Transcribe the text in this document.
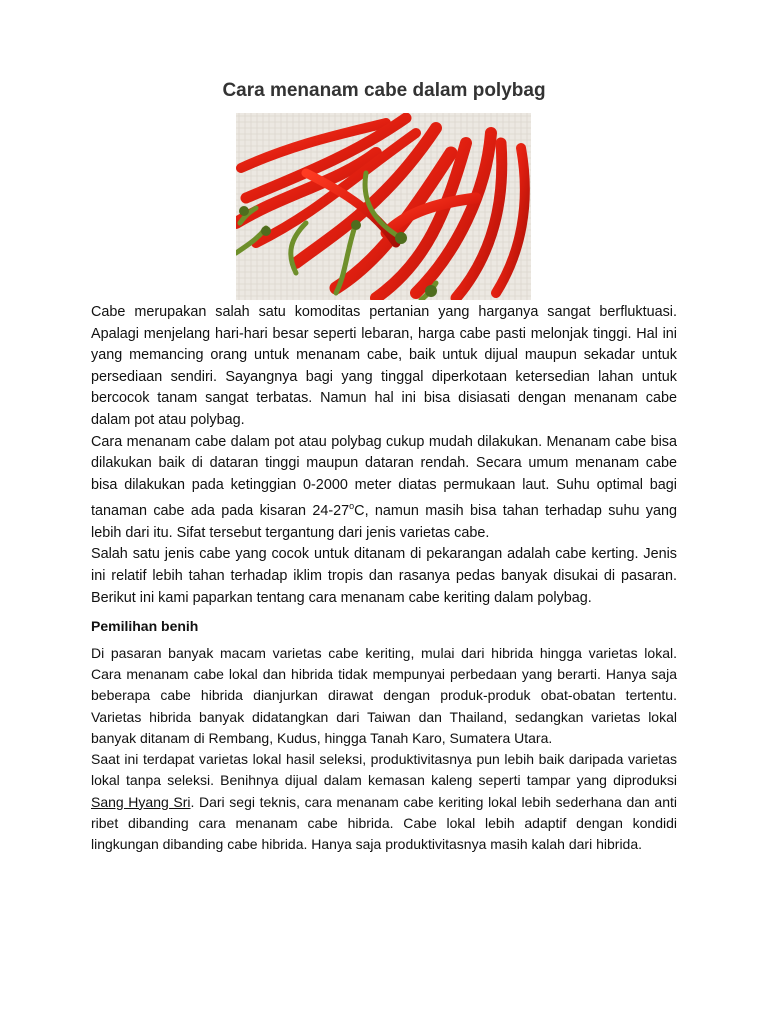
Cara menanam cabe dalam polybag

Cabe merupakan salah satu komoditas pertanian yang harganya sangat berfluktuasi. Apalagi menjelang hari-hari besar seperti lebaran, harga cabe pasti melonjak tinggi. Hal ini yang memancing orang untuk menanam cabe, baik untuk dijual maupun sekadar untuk persediaan sendiri. Sayangnya bagi yang tinggal diperkotaan ketersedian lahan untuk bercocok tanam sangat terbatas. Namun hal ini bisa disiasati dengan menanam cabe dalam pot atau polybag.

Cara menanam cabe dalam pot atau polybag cukup mudah dilakukan. Menanam cabe bisa dilakukan baik di dataran tinggi maupun dataran rendah. Secara umum menanam cabe bisa dilakukan pada ketinggian 0-2000 meter diatas permukaan laut. Suhu optimal bagi tanaman cabe ada pada kisaran 24-27$^o$C, namun masih bisa tahan terhadap suhu yang lebih dari itu. Sifat tersebut tergantung dari jenis varietas cabe.

Salah satu jenis cabe yang cocok untuk ditanam di pekarangan adalah cabe kerting. Jenis ini relatif lebih tahan terhadap iklim tropis dan rasanya pedas banyak disukai di pasaran. Berikut ini kami paparkan tentang cara menanam cabe keriting dalam polybag.

Pemilihan benih

Di pasaran banyak macam varietas cabe keriting, mulai dari hibrida hingga varietas lokal. Cara menanam cabe lokal dan hibrida tidak mempunyai perbedaan yang berarti. Hanya saja beberapa cabe hibrida dianjurkan dirawat dengan produk-produk obat-obatan tertentu. Varietas hibrida banyak didatangkan dari Taiwan dan Thailand, sedangkan varietas lokal banyak ditanam di Rembang, Kudus, hingga Tanah Karo, Sumatera Utara.

Saat ini terdapat varietas lokal hasil seleksi, produktivitasnya pun lebih baik daripada varietas lokal tanpa seleksi. Benihnya dijual dalam kemasan kaleng seperti tampar yang diproduksi Sang Hyang Sri. Dari segi teknis, cara menanam cabe keriting lokal lebih sederhana dan anti ribet dibanding cara menanam cabe hibrida. Cabe lokal lebih adaptif dengan kondidi lingkungan dibanding cabe hibrida. Hanya saja produktivitasnya masih kalah dari hibrida.
